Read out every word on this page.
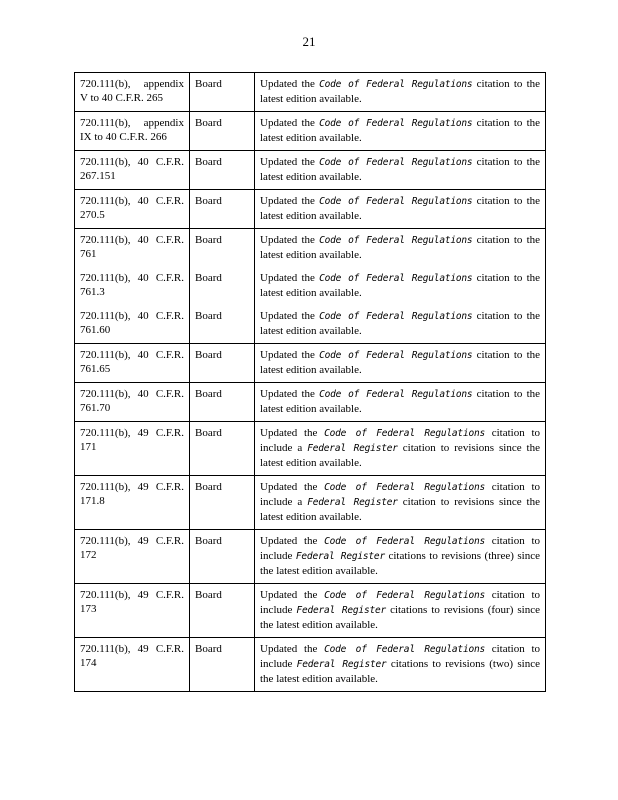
21
720.111(b), appendix V to 40 C.F.R. 265	Board	Updated the Code of Federal Regulations citation to the latest edition available.
720.111(b), appendix IX to 40 C.F.R. 266	Board	Updated the Code of Federal Regulations citation to the latest edition available.
720.111(b), 40 C.F.R. 267.151	Board	Updated the Code of Federal Regulations citation to the latest edition available.
720.111(b), 40 C.F.R. 270.5	Board	Updated the Code of Federal Regulations citation to the latest edition available.
720.111(b), 40 C.F.R. 761	Board	Updated the Code of Federal Regulations citation to the latest edition available.
720.111(b), 40 C.F.R. 761.3	Board	Updated the Code of Federal Regulations citation to the latest edition available.
720.111(b), 40 C.F.R. 761.60	Board	Updated the Code of Federal Regulations citation to the latest edition available.
720.111(b), 40 C.F.R. 761.65	Board	Updated the Code of Federal Regulations citation to the latest edition available.
720.111(b), 40 C.F.R. 761.70	Board	Updated the Code of Federal Regulations citation to the latest edition available.
720.111(b), 49 C.F.R. 171	Board	Updated the Code of Federal Regulations citation to include a Federal Register citation to revisions since the latest edition available.
720.111(b), 49 C.F.R. 171.8	Board	Updated the Code of Federal Regulations citation to include a Federal Register citation to revisions since the latest edition available.
720.111(b), 49 C.F.R. 172	Board	Updated the Code of Federal Regulations citation to include Federal Register citations to revisions (three) since the latest edition available.
720.111(b), 49 C.F.R. 173	Board	Updated the Code of Federal Regulations citation to include Federal Register citations to revisions (four) since the latest edition available.
720.111(b), 49 C.F.R. 174	Board	Updated the Code of Federal Regulations citation to include Federal Register citations to revisions (two) since the latest edition available.
